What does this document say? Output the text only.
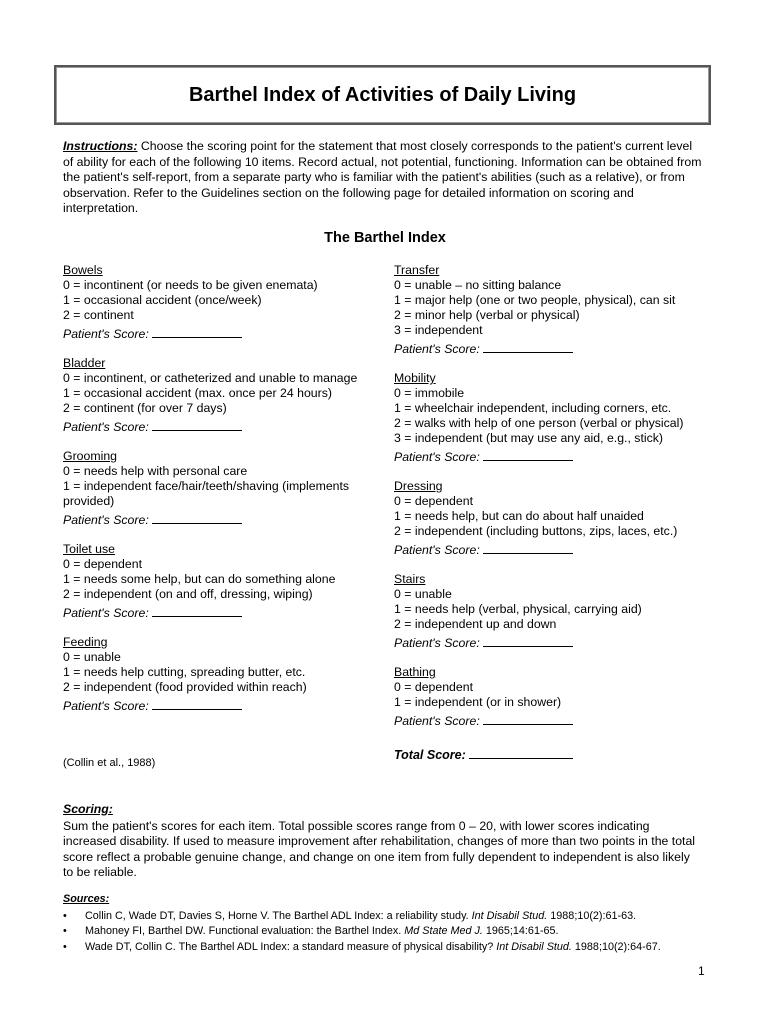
Barthel Index of Activities of Daily Living

Instructions: Choose the scoring point for the statement that most closely corresponds to the patient's current level of ability for each of the following 10 items. Record actual, not potential, functioning. Information can be obtained from the patient's self-report, from a separate party who is familiar with the patient's abilities (such as a relative), or from observation. Refer to the Guidelines section on the following page for detailed information on scoring and interpretation.

The Barthel Index

Bowels
0 = incontinent (or needs to be given enemata)
1 = occasional accident (once/week)
2 = continent
Patient's Score:
Bladder
0 = incontinent, or catheterized and unable to manage
1 = occasional accident (max. once per 24 hours)
2 = continent (for over 7 days)
Patient's Score:
Grooming
0 = needs help with personal care
1 = independent face/hair/teeth/shaving (implements provided)
Patient's Score:
Toilet use
0 = dependent
1 = needs some help, but can do something alone
2 = independent (on and off, dressing, wiping)
Patient's Score:
Feeding
0 = unable
1 = needs help cutting, spreading butter, etc.
2 = independent (food provided within reach)
Patient's Score:
Transfer
0 = unable – no sitting balance
1 = major help (one or two people, physical), can sit
2 = minor help (verbal or physical)
3 = independent
Patient's Score:
Mobility
0 = immobile
1 = wheelchair independent, including corners, etc.
2 = walks with help of one person (verbal or physical)
3 = independent (but may use any aid, e.g., stick)
Patient's Score:
Dressing
0 = dependent
1 = needs help, but can do about half unaided
2 = independent (including buttons, zips, laces, etc.)
Patient's Score:
Stairs
0 = unable
1 = needs help (verbal, physical, carrying aid)
2 = independent up and down
Patient's Score:
Bathing
0 = dependent
1 = independent (or in shower)
Patient's Score:
Total Score:

(Collin et al., 1988)

Scoring:

Sum the patient's scores for each item. Total possible scores range from 0 – 20, with lower scores indicating increased disability. If used to measure improvement after rehabilitation, changes of more than two points in the total score reflect a probable genuine change, and change on one item from fully dependent to independent is also likely to be reliable.

Sources:

• Collin C, Wade DT, Davies S, Horne V. The Barthel ADL Index: a reliability study. Int Disabil Stud. 1988;10(2):61-63.
• Mahoney FI, Barthel DW. Functional evaluation: the Barthel Index. Md State Med J. 1965;14:61-65.
• Wade DT, Collin C. The Barthel ADL Index: a standard measure of physical disability? Int Disabil Stud. 1988;10(2):64-67.

1
